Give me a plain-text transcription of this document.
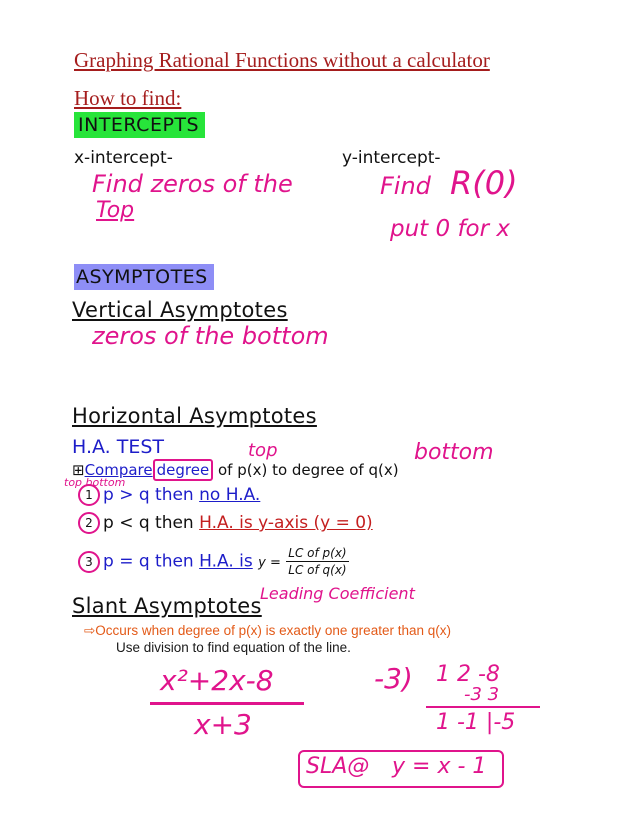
Graphing Rational Functions without a calculator
How to find:
INTERCEPTS
x-intercept-	y-intercept-
Find zeros of the
Top
Find R(0)
put 0 for x
ASYMPTOTES
Vertical Asymptotes
zeros of the bottom
Horizontal Asymptotes
H.A. TEST	top	bottom
⊞Compare degree of p(x) to degree of q(x)
top bottom
1 p > q then no H.A.
2 p < q then H.A. is y-axis (y = 0)
3 p = q then H.A. is $y = \frac{\text{LC of p(x)}}{\text{LC of q(x)}}$
Leading Coefficient
Slant Asymptotes
⇨Occurs when degree of p(x) is exactly one greater than q(x)
Use division to find equation of the line.
x²+2x-8
x+3
-3) 1 2 -8
-3 3
1 -1 |-5
SLA@ y = x - 1
